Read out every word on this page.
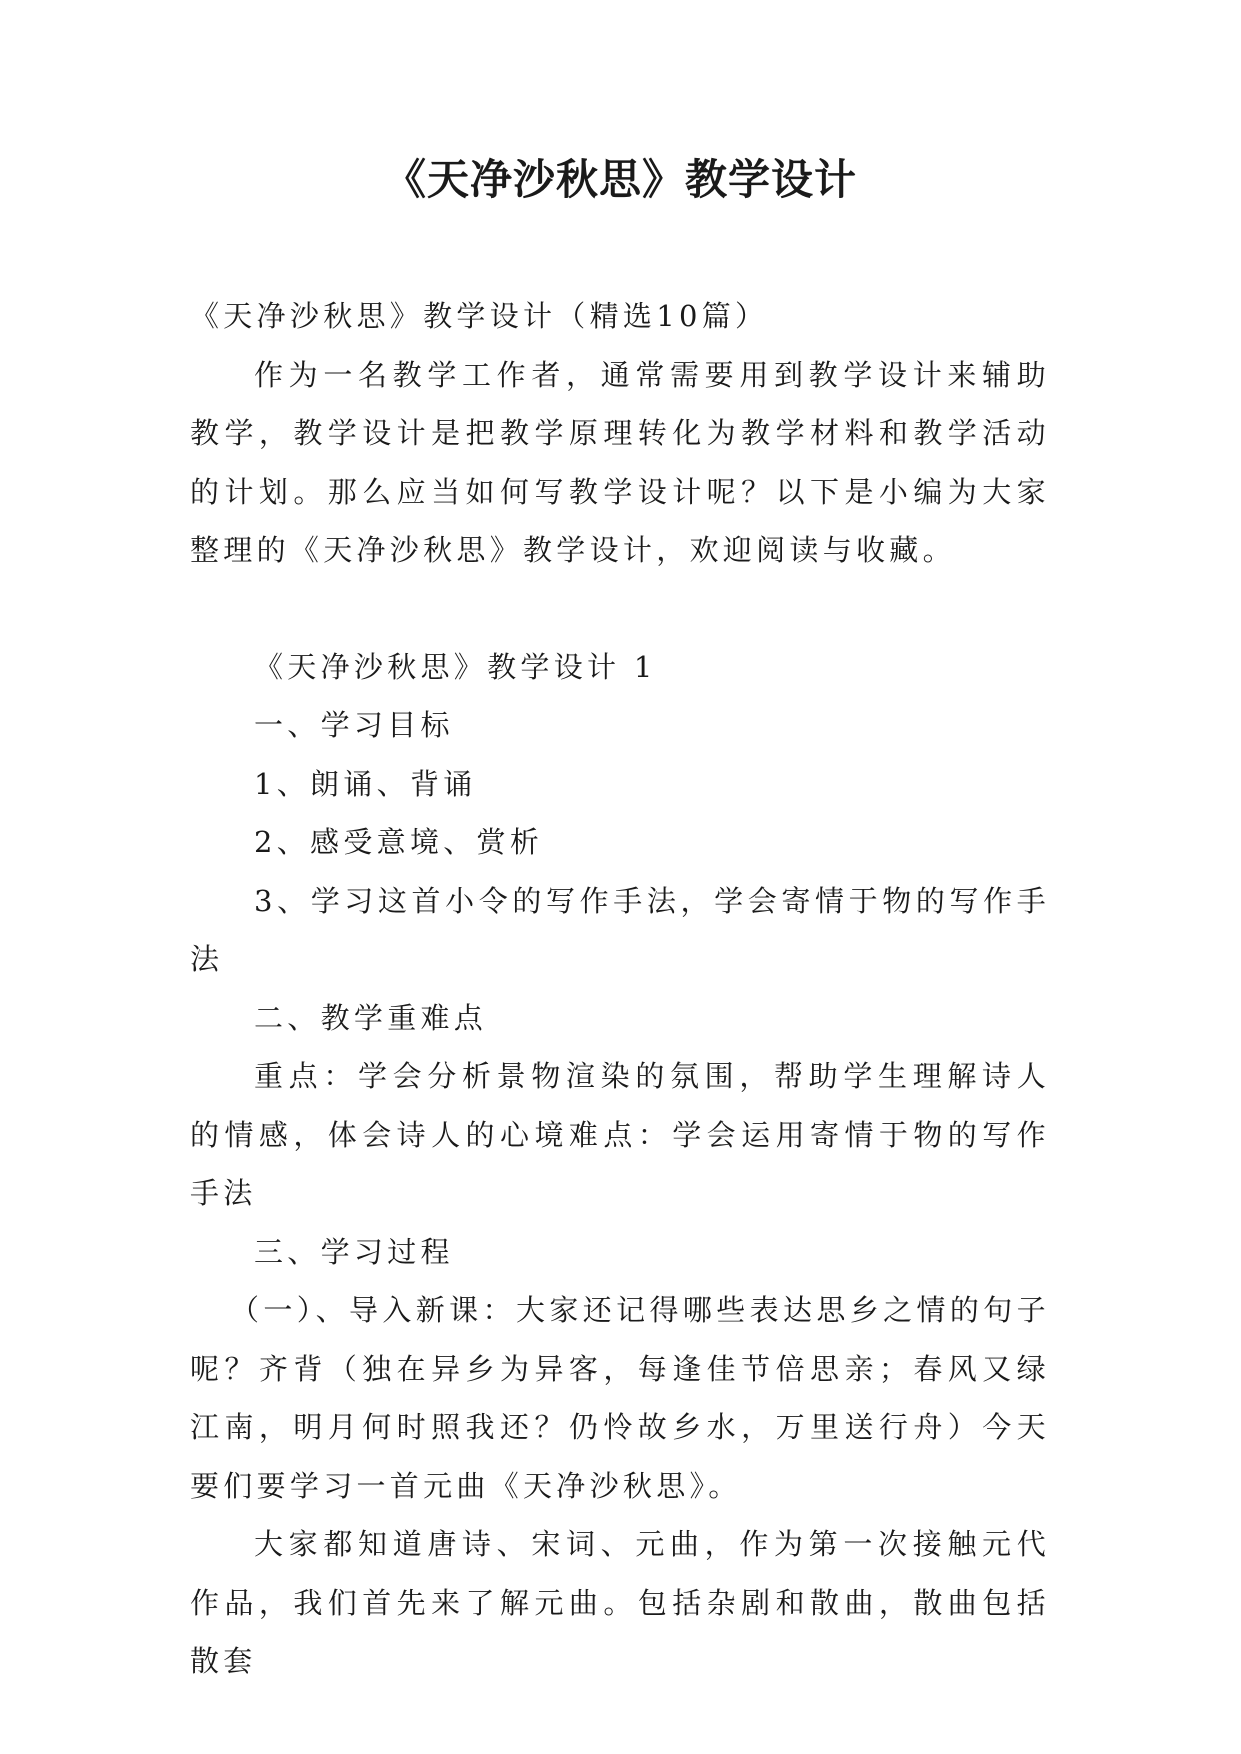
《天净沙秋思》教学设计

《天净沙秋思》教学设计（精选10篇）

作为一名教学工作者，通常需要用到教学设计来辅助教学，教学设计是把教学原理转化为教学材料和教学活动的计划。那么应当如何写教学设计呢？以下是小编为大家整理的《天净沙秋思》教学设计，欢迎阅读与收藏。

《天净沙秋思》教学设计 1

一、学习目标

1、朗诵、背诵

2、感受意境、赏析

3、学习这首小令的写作手法，学会寄情于物的写作手法

二、教学重难点

重点：学会分析景物渲染的氛围，帮助学生理解诗人的情感，体会诗人的心境难点：学会运用寄情于物的写作手法

三、学习过程

（一）、导入新课：大家还记得哪些表达思乡之情的句子呢？齐背（独在异乡为异客，每逢佳节倍思亲；春风又绿江南，明月何时照我还？仍怜故乡水，万里送行舟）今天要们要学习一首元曲《天净沙秋思》。

大家都知道唐诗、宋词、元曲，作为第一次接触元代作品，我们首先来了解元曲。包括杂剧和散曲，散曲包括散套
